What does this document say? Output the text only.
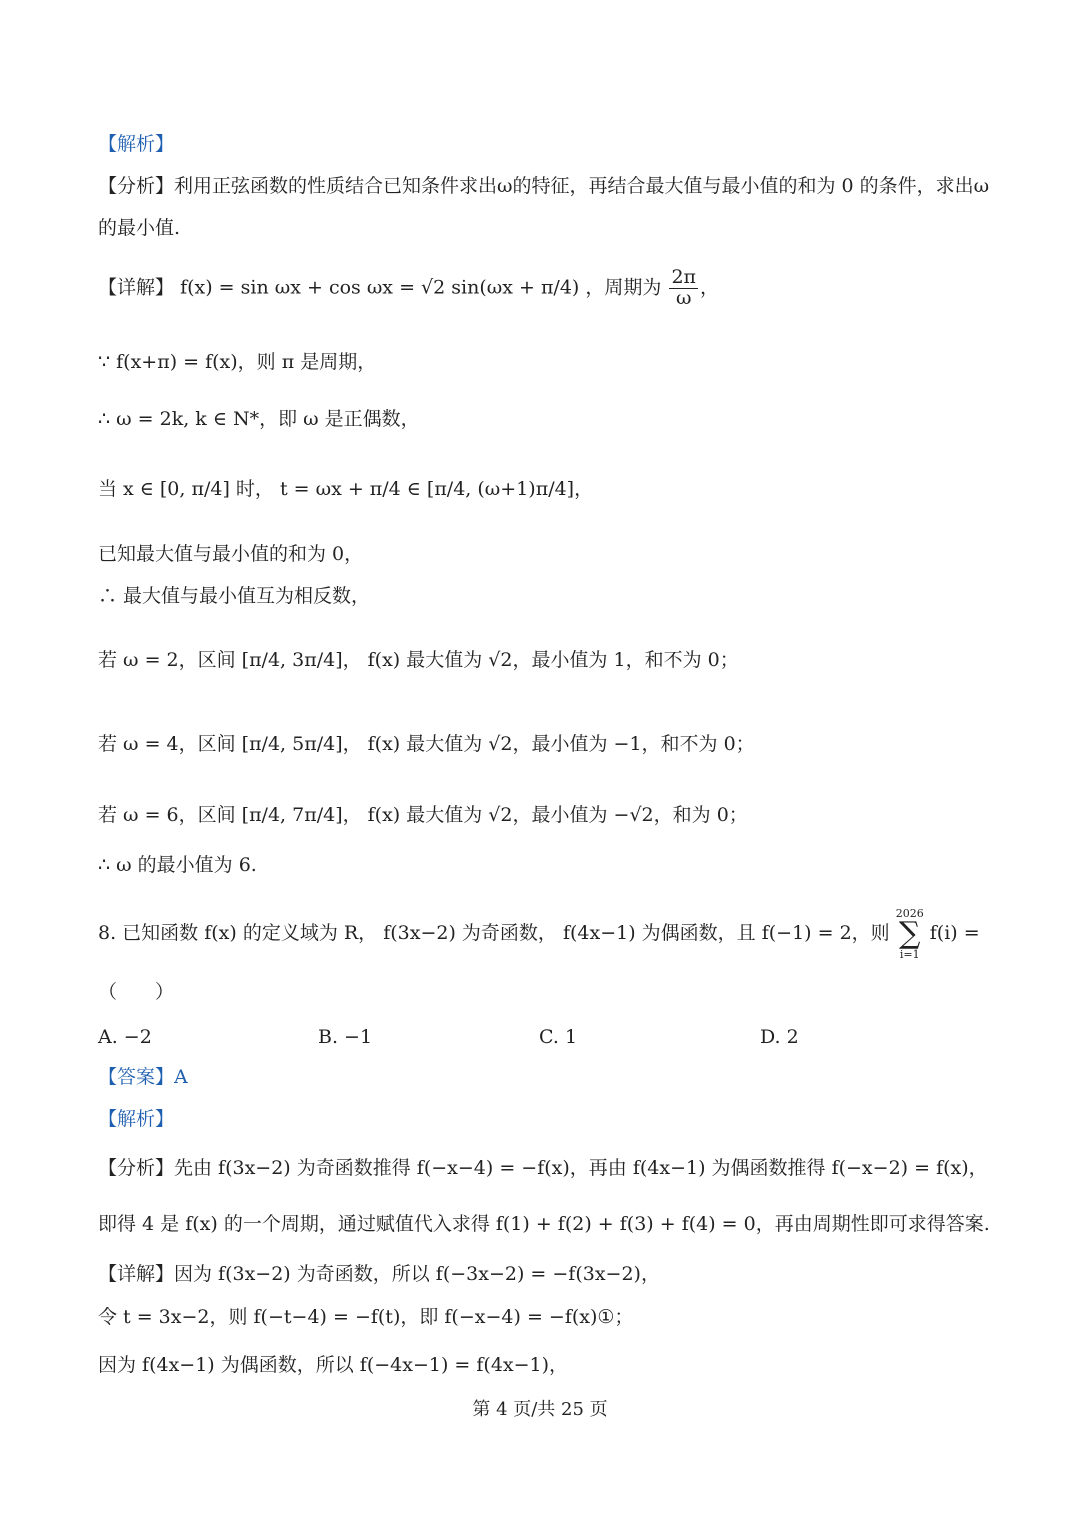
【解析】
【分析】利用正弦函数的性质结合已知条件求出ω的特征，再结合最大值与最小值的和为 0 的条件，求出ω
的最小值.
【详解】 f(x) = sin ωx + cos ωx = √2 sin(ωx + π/4) ，周期为 $\frac{2\pi}{\omega}$ ，
∵ f(x+π) = f(x)，则 π 是周期，
∴ ω = 2k, k ∈ N*，即 ω 是正偶数，
当 x ∈ [0, π/4] 时， t = ωx + π/4 ∈ [π/4, (ω+1)π/4]，
已知最大值与最小值的和为 0，
∴ 最大值与最小值互为相反数，
若 ω = 2，区间 [π/4, 3π/4]， f(x) 最大值为 √2，最小值为 1，和不为 0；
若 ω = 4，区间 [π/4, 5π/4]， f(x) 最大值为 √2，最小值为 −1，和不为 0；
若 ω = 6，区间 [π/4, 7π/4]， f(x) 最大值为 √2，最小值为 −√2，和为 0；
∴ ω 的最小值为 6.
8. 已知函数 f(x) 的定义域为 R， f(3x−2) 为奇函数， f(4x−1) 为偶函数，且 f(−1) = 2，则
2026
∑
i=1
f(i) =
（　　）
A. −2	B. −1	C. 1	D. 2
【答案】A
【解析】
【分析】先由 f(3x−2) 为奇函数推得 f(−x−4) = −f(x)，再由 f(4x−1) 为偶函数推得 f(−x−2) = f(x)，
即得 4 是 f(x) 的一个周期，通过赋值代入求得 f(1) + f(2) + f(3) + f(4) = 0，再由周期性即可求得答案.
【详解】因为 f(3x−2) 为奇函数，所以 f(−3x−2) = −f(3x−2)，
令 t = 3x−2，则 f(−t−4) = −f(t)，即 f(−x−4) = −f(x)①；
因为 f(4x−1) 为偶函数，所以 f(−4x−1) = f(4x−1)，
第 4 页/共 25 页
